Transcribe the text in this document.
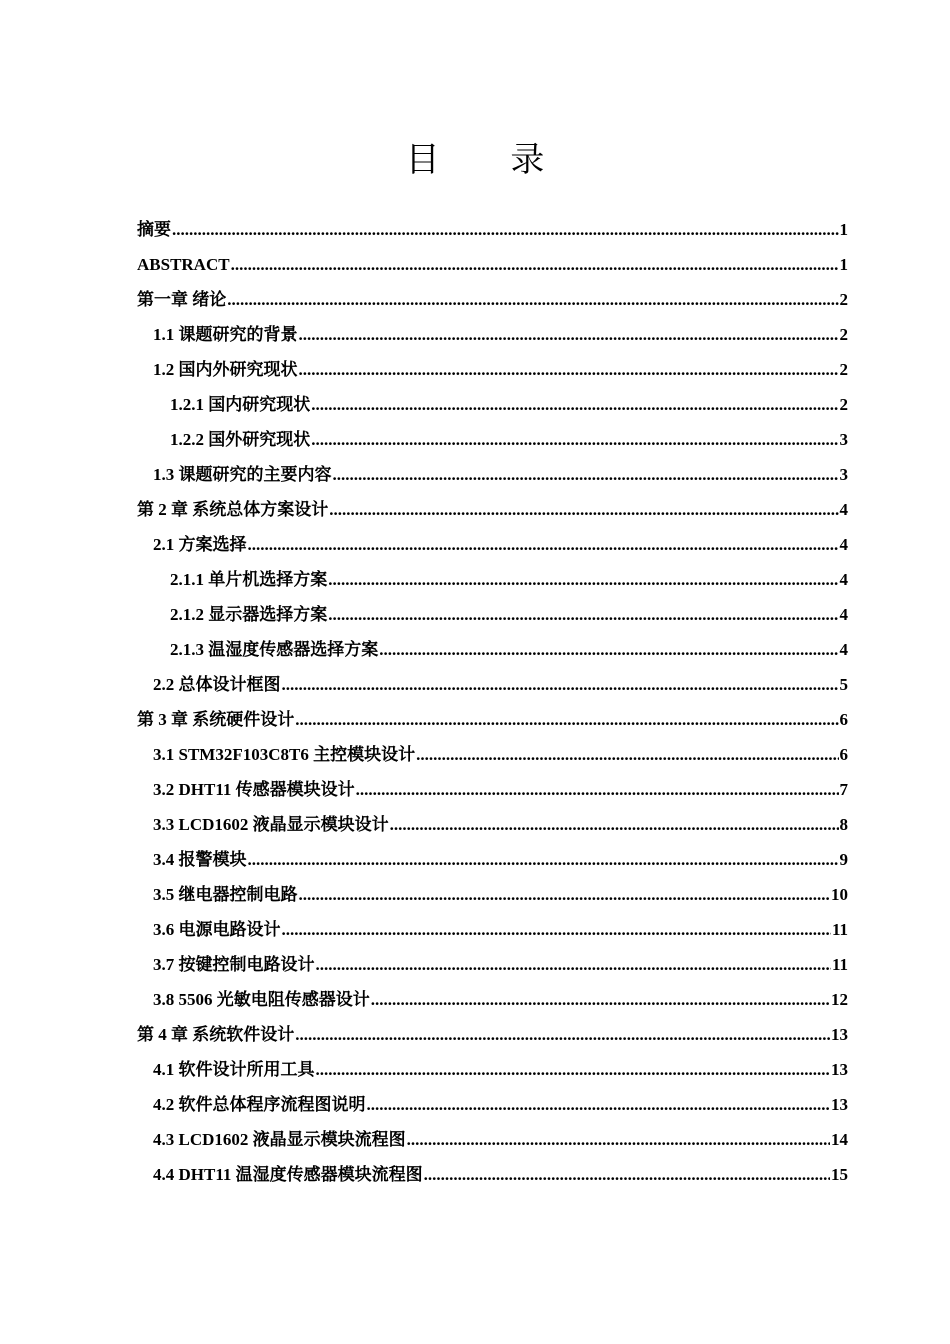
目 录
摘要 .....	1
ABSTRACT .....	1
第一章 绪论 .....	2
1.1 课题研究的背景 .....	2
1.2 国内外研究现状 .....	2
1.2.1 国内研究现状 .....	2
1.2.2 国外研究现状 .....	3
1.3 课题研究的主要内容 .....	3
第 2 章 系统总体方案设计 .....	4
2.1 方案选择 .....	4
2.1.1 单片机选择方案 .....	4
2.1.2 显示器选择方案 .....	4
2.1.3 温湿度传感器选择方案 .....	4
2.2 总体设计框图 .....	5
第 3 章 系统硬件设计 .....	6
3.1 STM32F103C8T6 主控模块设计 .....	6
3.2 DHT11 传感器模块设计 .....	7
3.3 LCD1602 液晶显示模块设计 .....	8
3.4 报警模块 .....	9
3.5 继电器控制电路 .....	10
3.6 电源电路设计 .....	11
3.7 按键控制电路设计 .....	11
3.8 5506 光敏电阻传感器设计 .....	12
第 4 章 系统软件设计 .....	13
4.1 软件设计所用工具 .....	13
4.2 软件总体程序流程图说明 .....	13
4.3 LCD1602 液晶显示模块流程图 .....	14
4.4 DHT11 温湿度传感器模块流程图 .....	15
